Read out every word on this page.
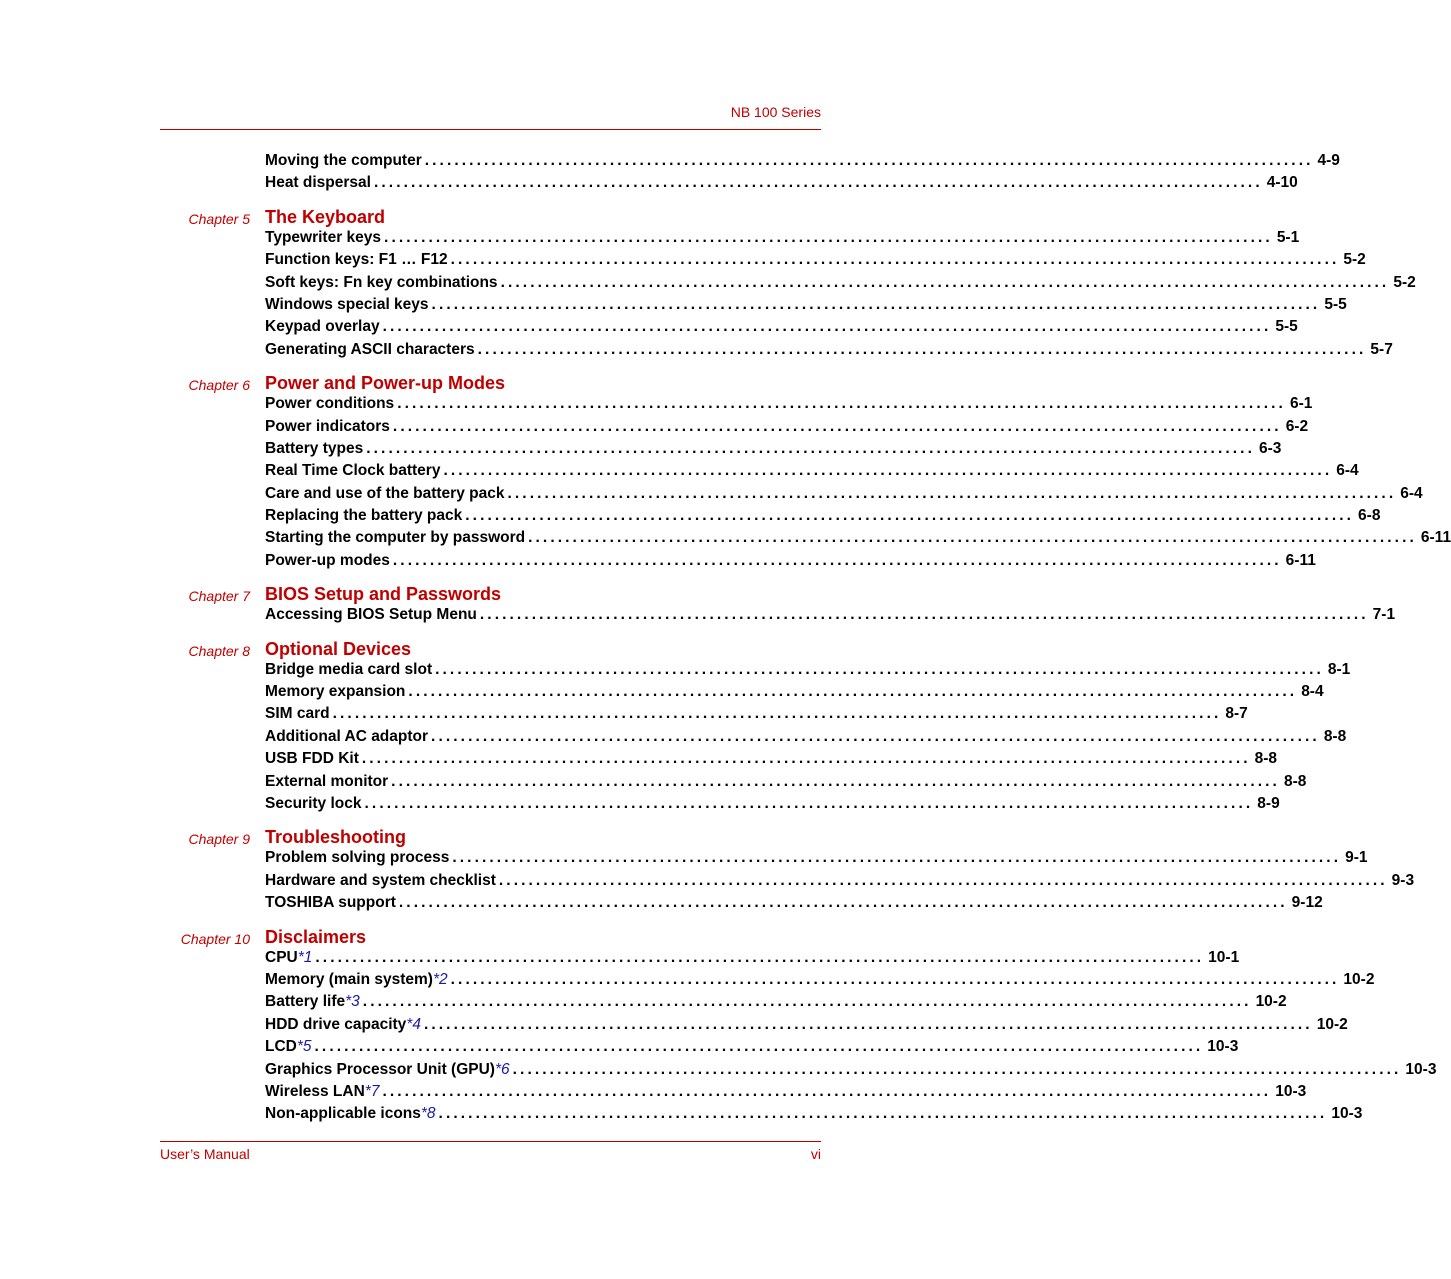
NB 100 Series
Moving the computer ........................................................................................................................ 4-9
Heat dispersal ........................................................................................................................ 4-10
Chapter 5 The Keyboard
Typewriter keys ........................................................................................................................ 5-1
Function keys: F1 … F12 ........................................................................................................................ 5-2
Soft keys: Fn key combinations ........................................................................................................................ 5-2
Windows special keys ........................................................................................................................ 5-5
Keypad overlay ........................................................................................................................ 5-5
Generating ASCII characters ........................................................................................................................ 5-7
Chapter 6 Power and Power-up Modes
Power conditions ........................................................................................................................ 6-1
Power indicators ........................................................................................................................ 6-2
Battery types ........................................................................................................................ 6-3
Real Time Clock battery ........................................................................................................................ 6-4
Care and use of the battery pack ........................................................................................................................ 6-4
Replacing the battery pack ........................................................................................................................ 6-8
Starting the computer by password ........................................................................................................................ 6-11
Power-up modes ........................................................................................................................ 6-11
Chapter 7 BIOS Setup and Passwords
Accessing BIOS Setup Menu ........................................................................................................................ 7-1
Chapter 8 Optional Devices
Bridge media card slot ........................................................................................................................ 8-1
Memory expansion ........................................................................................................................ 8-4
SIM card ........................................................................................................................ 8-7
Additional AC adaptor ........................................................................................................................ 8-8
USB FDD Kit ........................................................................................................................ 8-8
External monitor ........................................................................................................................ 8-8
Security lock ........................................................................................................................ 8-9
Chapter 9 Troubleshooting
Problem solving process ........................................................................................................................ 9-1
Hardware and system checklist ........................................................................................................................ 9-3
TOSHIBA support ........................................................................................................................ 9-12
Chapter 10 Disclaimers
CPU*1 ........................................................................................................................ 10-1
Memory (main system)*2 ........................................................................................................................ 10-2
Battery life*3 ........................................................................................................................ 10-2
HDD drive capacity*4 ........................................................................................................................ 10-2
LCD*5 ........................................................................................................................ 10-3
Graphics Processor Unit (GPU)*6 ........................................................................................................................ 10-3
Wireless LAN*7 ........................................................................................................................ 10-3
Non-applicable icons*8 ........................................................................................................................ 10-3
User’s Manual	vi
